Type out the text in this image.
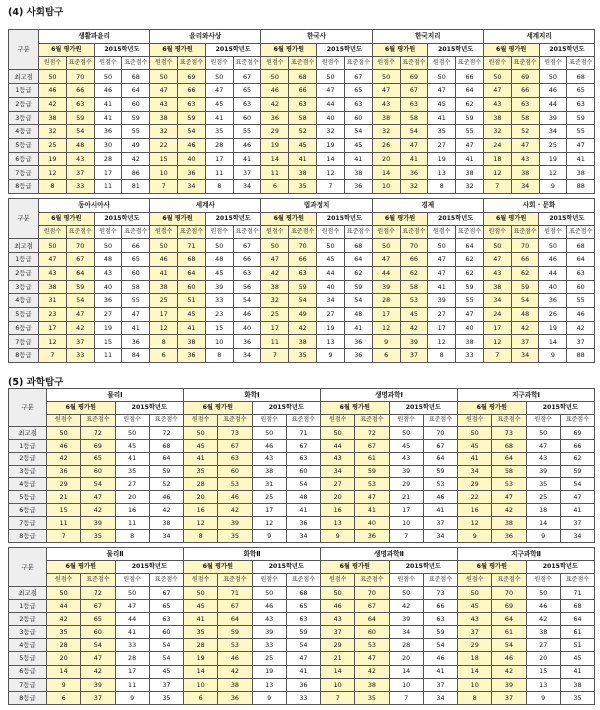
(4) 사회탐구
구분	생활과윤리				윤리와사상				한국사				한국지리				세계지리			
	6월 평가원		2015학년도		6월 평가원		2015학년도		6월 평가원		2015학년도		6월 평가원		2015학년도		6월 평가원		2015학년도	
	원점수	표준점수	원점수	표준점수	원점수	표준점수	원점수	표준점수	원점수	표준점수	원점수	표준점수	원점수	표준점수	원점수	표준점수	원점수	표준점수	원점수	표준점수
최고점	50	70	50	68	50	69	50	67	50	68	50	67	50	69	50	66	50	69	50	68
1등급	46	66	46	64	47	66	47	65	46	66	47	65	47	67	47	64	47	66	46	65
2등급	42	63	41	60	43	63	45	63	42	63	44	63	43	63	45	62	43	63	44	63
3등급	38	59	41	59	38	59	41	60	36	58	40	60	38	58	41	59	38	58	39	59
4등급	32	54	36	55	32	54	35	55	29	52	32	54	32	54	35	55	32	52	34	55
5등급	25	48	30	49	22	46	28	46	19	45	19	45	26	47	27	47	24	47	25	47
6등급	19	43	28	42	15	40	17	41	14	41	14	41	20	41	19	41	18	43	19	41
7등급	12	37	17	86	10	36	11	37	11	38	12	38	14	36	13	38	12	38	12	38
8등급	8	33	11	81	7	34	8	34	6	35	7	36	10	32	8	32	7	34	9	88
구분	동아시아사				세계사				법과정치				경제				사회 · 문화			
	6월 평가원		2015학년도		6월 평가원		2015학년도		6월 평가원		2015학년도		6월 평가원		2015학년도		6월 평가원		2015학년도	
	원점수	표준점수	원점수	표준점수	원점수	표준점수	원점수	표준점수	원점수	표준점수	원점수	표준점수	원점수	표준점수	원점수	표준점수	원점수	표준점수	원점수	표준점수
최고점	50	70	50	66	50	71	50	67	50	70	50	68	50	70	50	64	50	70	50	68
1등급	47	67	48	65	46	68	48	66	47	66	45	64	47	66	47	62	47	66	46	64
2등급	43	64	43	60	41	64	45	63	42	63	44	62	44	62	47	62	43	62	44	63
3등급	38	59	40	58	38	60	39	56	38	59	40	59	39	58	41	59	38	59	40	60
4등급	31	54	36	55	25	51	33	54	32	54	34	54	28	53	39	55	34	54	36	55
5등급	23	47	27	47	17	45	23	46	25	49	27	48	17	45	27	47	24	48	26	46
6등급	17	42	19	41	12	41	15	40	17	42	19	41	12	42	17	40	17	42	19	42
7등급	12	37	15	36	8	38	10	36	11	38	13	36	9	39	12	38	12	37	14	37
8등급	7	33	11	84	6	36	8	34	7	35	9	36	6	37	8	33	7	34	9	88
(5) 과학탐구
구분	물리Ⅰ				화학Ⅰ				생명과학Ⅰ				지구과학Ⅰ			
	6월 평가원		2015학년도		6월 평가원		2015학년도		6월 평가원		2015학년도		6월 평가원		2015학년도	
	원점수	표준점수	원점수	표준점수	원점수	표준점수	원점수	표준점수	원점수	표준점수	원점수	표준점수	원점수	표준점수	원점수	표준점수
최고점	50	72	50	72	50	73	50	71	50	72	50	70	50	73	50	69
1등급	46	69	45	68	45	67	46	67	44	67	45	67	45	68	47	66
2등급	42	65	41	64	41	63	43	63	43	61	43	64	41	64	43	62
3등급	36	60	35	59	35	60	38	60	34	59	39	59	34	58	39	59
4등급	29	54	27	52	28	53	31	54	27	53	29	53	29	53	35	54
5등급	21	47	20	46	20	46	25	48	20	47	21	46	22	47	25	47
6등급	15	42	16	42	16	42	17	41	16	41	17	41	16	42	18	41
7등급	11	39	11	38	12	39	12	36	13	40	10	37	12	38	14	37
8등급	7	35	8	34	8	35	9	34	9	36	7	34	9	36	9	34
구분	물리Ⅱ				화학Ⅱ				생명과학Ⅱ				지구과학Ⅱ			
	6월 평가원		2015학년도		6월 평가원		2015학년도		6월 평가원		2015학년도		6월 평가원		2015학년도	
	원점수	표준점수	원점수	표준점수	원점수	표준점수	원점수	표준점수	원점수	표준점수	원점수	표준점수	원점수	표준점수	원점수	표준점수
최고점	50	72	50	67	50	71	50	68	50	70	50	73	50	70	50	71
1등급	44	67	47	65	45	67	46	65	46	67	42	66	45	69	46	68
2등급	42	65	44	63	41	64	43	63	43	64	39	63	43	64	42	64
3등급	35	60	41	60	35	59	39	59	37	60	34	59	37	61	38	61
4등급	28	54	33	54	28	53	33	54	29	53	28	54	29	54	27	51
5등급	20	47	28	54	19	46	25	47	21	47	20	46	18	46	20	45
6등급	14	42	17	45	14	42	19	41	14	42	14	41	14	42	15	41
7등급	9	39	11	37	10	38	13	36	10	38	10	37	10	39	13	38
8등급	6	37	9	35	6	36	9	33	7	35	7	34	8	37	9	35
